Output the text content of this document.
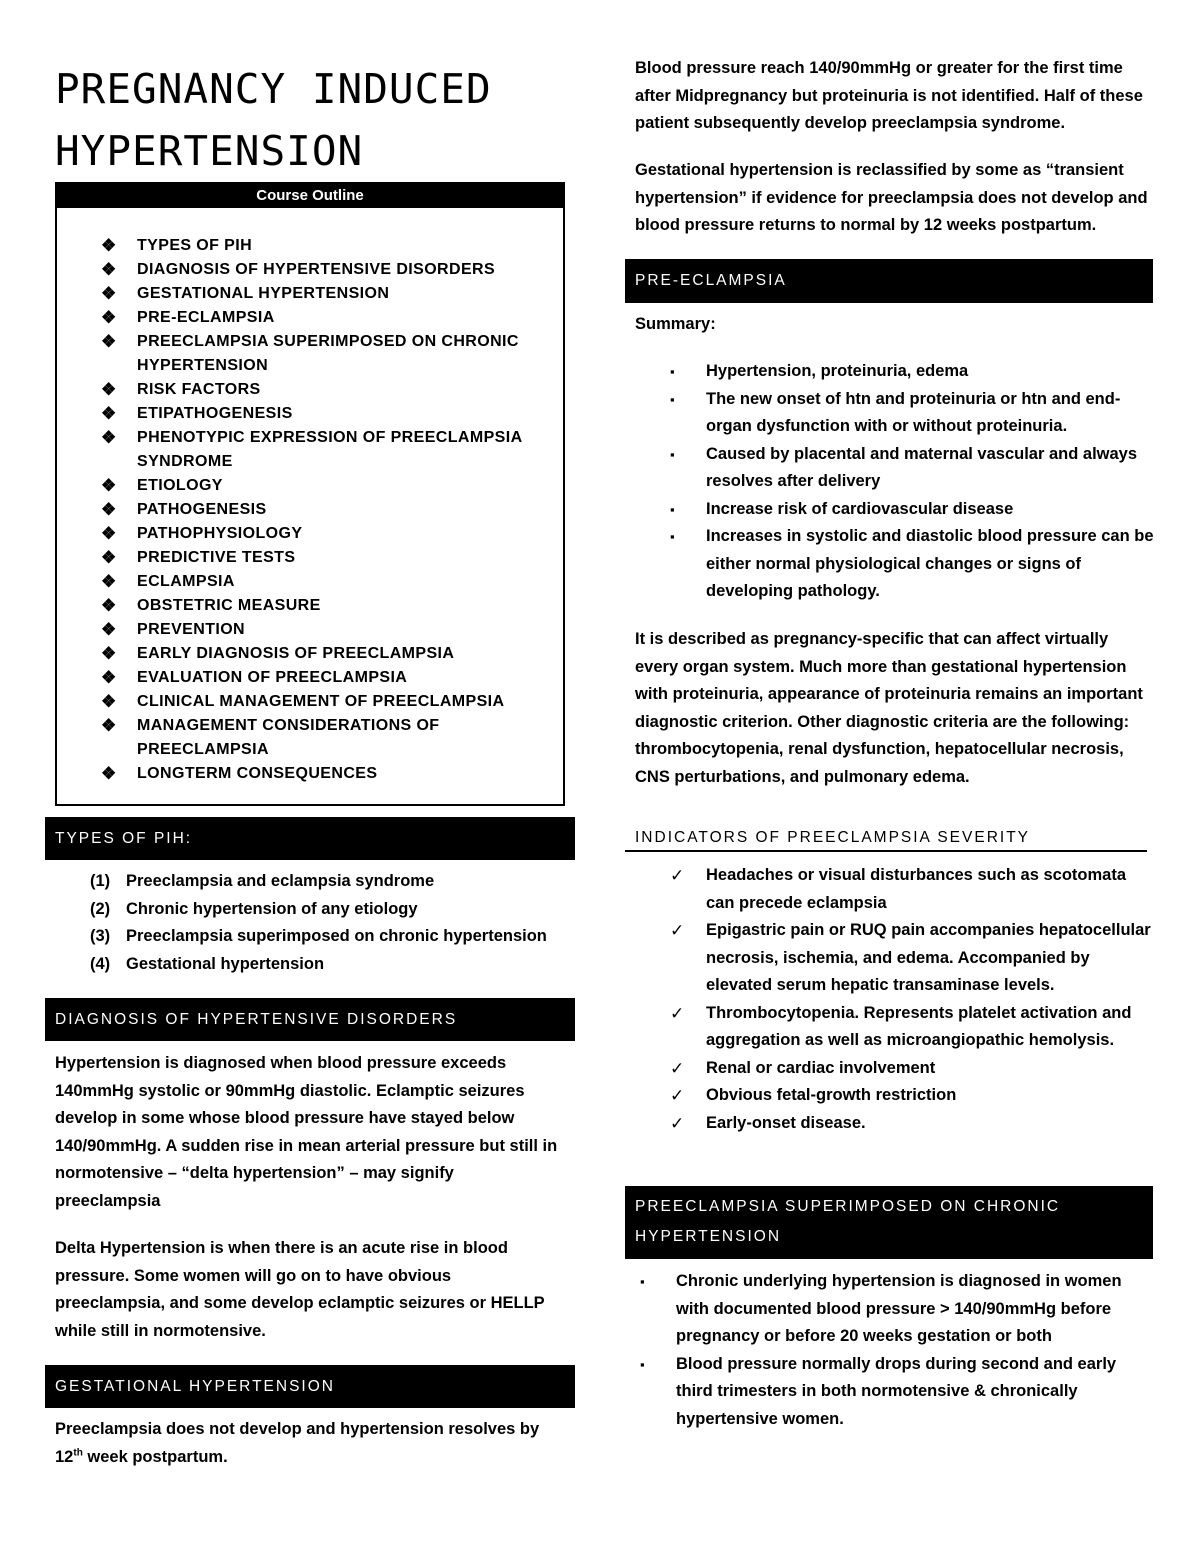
PREGNANCY INDUCED
HYPERTENSION
Course Outline
❖ TYPES OF PIH
❖ DIAGNOSIS OF HYPERTENSIVE DISORDERS
❖ GESTATIONAL HYPERTENSION
❖ PRE-ECLAMPSIA
❖ PREECLAMPSIA SUPERIMPOSED ON CHRONIC HYPERTENSION
❖ RISK FACTORS
❖ ETIPATHOGENESIS
❖ PHENOTYPIC EXPRESSION OF PREECLAMPSIA SYNDROME
❖ ETIOLOGY
❖ PATHOGENESIS
❖ PATHOPHYSIOLOGY
❖ PREDICTIVE TESTS
❖ ECLAMPSIA
❖ OBSTETRIC MEASURE
❖ PREVENTION
❖ EARLY DIAGNOSIS OF PREECLAMPSIA
❖ EVALUATION OF PREECLAMPSIA
❖ CLINICAL MANAGEMENT OF PREECLAMPSIA
❖ MANAGEMENT CONSIDERATIONS OF PREECLAMPSIA
❖ LONGTERM CONSEQUENCES
TYPES OF PIH:
(1) Preeclampsia and eclampsia syndrome
(2) Chronic hypertension of any etiology
(3) Preeclampsia superimposed on chronic hypertension
(4) Gestational hypertension
DIAGNOSIS OF HYPERTENSIVE DISORDERS

Hypertension is diagnosed when blood pressure exceeds 140mmHg systolic or 90mmHg diastolic. Eclamptic seizures develop in some whose blood pressure have stayed below 140/90mmHg. A sudden rise in mean arterial pressure but still in normotensive – “delta hypertension” – may signify preeclampsia

Delta Hypertension is when there is an acute rise in blood pressure. Some women will go on to have obvious preeclampsia, and some develop eclamptic seizures or HELLP while still in normotensive.

GESTATIONAL HYPERTENSION

Preeclampsia does not develop and hypertension resolves by 12th week postpartum.

Blood pressure reach 140/90mmHg or greater for the first time after Midpregnancy but proteinuria is not identified. Half of these patient subsequently develop preeclampsia syndrome.

Gestational hypertension is reclassified by some as “transient hypertension” if evidence for preeclampsia does not develop and blood pressure returns to normal by 12 weeks postpartum.

PRE-ECLAMPSIA

Summary:

▪ Hypertension, proteinuria, edema
▪ The new onset of htn and proteinuria or htn and end-organ dysfunction with or without proteinuria.
▪ Caused by placental and maternal vascular and always resolves after delivery
▪ Increase risk of cardiovascular disease
▪ Increases in systolic and diastolic blood pressure can be either normal physiological changes or signs of developing pathology.

It is described as pregnancy-specific that can affect virtually every organ system. Much more than gestational hypertension with proteinuria, appearance of proteinuria remains an important diagnostic criterion. Other diagnostic criteria are the following: thrombocytopenia, renal dysfunction, hepatocellular necrosis, CNS perturbations, and pulmonary edema.

INDICATORS OF PREECLAMPSIA SEVERITY
✓ Headaches or visual disturbances such as scotomata can precede eclampsia
✓ Epigastric pain or RUQ pain accompanies hepatocellular necrosis, ischemia, and edema. Accompanied by elevated serum hepatic transaminase levels.
✓ Thrombocytopenia. Represents platelet activation and aggregation as well as microangiopathic hemolysis.
✓ Renal or cardiac involvement
✓ Obvious fetal-growth restriction
✓ Early-onset disease.
PREECLAMPSIA SUPERIMPOSED ON CHRONIC HYPERTENSION
▪ Chronic underlying hypertension is diagnosed in women with documented blood pressure > 140/90mmHg before pregnancy or before 20 weeks gestation or both
▪ Blood pressure normally drops during second and early third trimesters in both normotensive & chronically hypertensive women.
